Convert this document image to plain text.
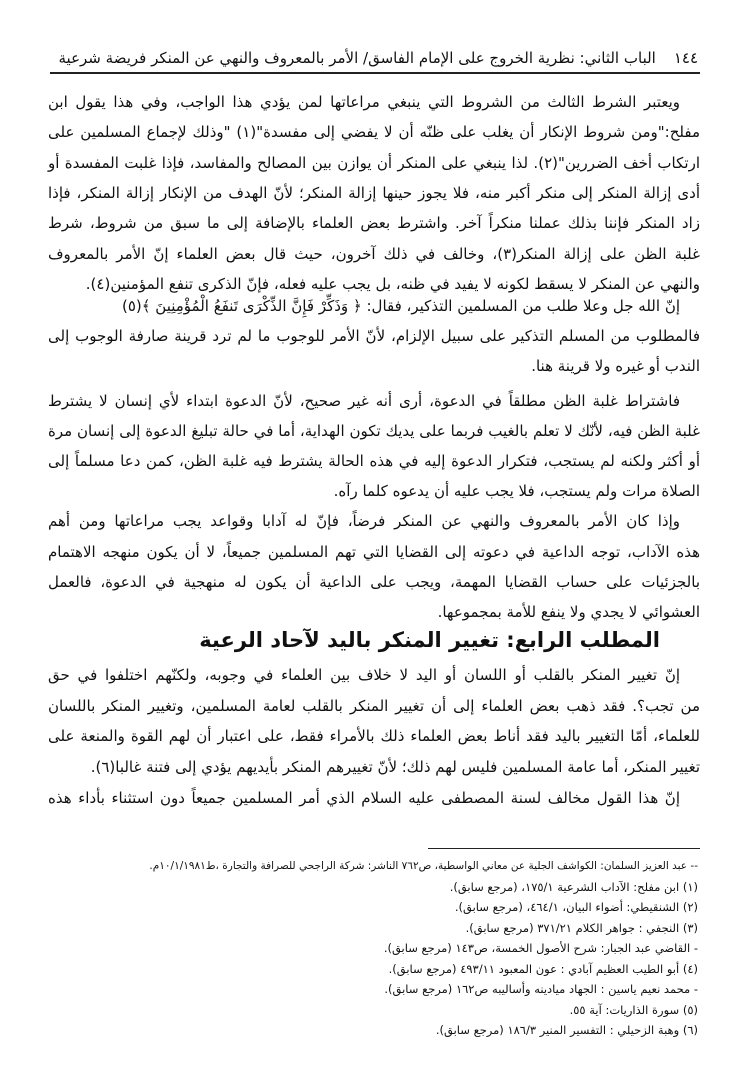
١٤٤
الباب الثاني: نظرية الخروج على الإمام الفاسق/ الأمر بالمعروف والنهي عن المنكر فريضة شرعية
ويعتبر الشرط الثالث من الشروط التي ينبغي مراعاتها لمن يؤدي هذا الواجب، وفي هذا يقول ابن
مفلح:"ومن شروط الإنكار أن يغلب على ظنّه أن لا يفضي إلى مفسدة"(١) "وذلك لإجماع المسلمين على
ارتكاب أخف الضررين"(٢). لذا ينبغي على المنكر أن يوازن بين المصالح والمفاسد، فإذا غلبت المفسدة أو
أدى إزالة المنكر إلى منكر أكبر منه، فلا يجوز حينها إزالة المنكر؛ لأنّ الهدف من الإنكار إزالة المنكر، فإذا
زاد المنكر فإننا بذلك عملنا منكراً آخر. واشترط بعض العلماء بالإضافة إلى ما سبق من شروط، شرط
غلبة الظن على إزالة المنكر(٣)، وخالف في ذلك آخرون، حيث قال بعض العلماء إنّ الأمر بالمعروف
والنهي عن المنكر لا يسقط لكونه لا يفيد في ظنه، بل يجب عليه فعله، فإنّ الذكرى تنفع المؤمنين(٤).
إنّ الله جل وعلا طلب من المسلمين التذكير، فقال: ﴿ وَذَكِّرْ فَإِنَّ الذِّكْرَى تَنفَعُ الْمُؤْمِنِينَ ﴾(٥)
فالمطلوب من المسلم التذكير على سبيل الإلزام، لأنّ الأمر للوجوب ما لم ترد قرينة صارفة الوجوب إلى
الندب أو غيره ولا قرينة هنا.
فاشتراط غلبة الظن مطلقاً في الدعوة، أرى أنه غير صحيح، لأنّ الدعوة ابتداء لأي إنسان لا يشترط
غلبة الظن فيه، لأنّك لا تعلم بالغيب فربما على يديك تكون الهداية، أما في حالة تبليغ الدعوة إلى إنسان مرة
أو أكثر ولكنه لم يستجب، فتكرار الدعوة إليه في هذه الحالة يشترط فيه غلبة الظن، كمن دعا مسلماً إلى
الصلاة مرات ولم يستجب، فلا يجب عليه أن يدعوه كلما رآه.
وإذا كان الأمر بالمعروف والنهي عن المنكر فرضاً، فإنّ له آدابا وقواعد يجب مراعاتها ومن أهم
هذه الآداب، توجه الداعية في دعوته إلى القضايا التي تهم المسلمين جميعاً، لا أن يكون منهجه الاهتمام
بالجزئيات على حساب القضايا المهمة، ويجب على الداعية أن يكون له منهجية في الدعوة، فالعمل
العشوائي لا يجدي ولا ينفع للأمة بمجموعها.
المطلب الرابع: تغيير المنكر باليد لآحاد الرعية
إنّ تغيير المنكر بالقلب أو اللسان أو اليد لا خلاف بين العلماء في وجوبه، ولكنّهم اختلفوا في حق
من تجب؟. فقد ذهب بعض العلماء إلى أن تغيير المنكر بالقلب لعامة المسلمين، وتغيير المنكر باللسان
للعلماء، أمّا التغيير باليد فقد أناط بعض العلماء ذلك بالأمراء فقط، على اعتبار أن لهم القوة والمنعة على
تغيير المنكر، أما عامة المسلمين فليس لهم ذلك؛ لأنّ تغييرهم المنكر بأيديهم يؤدي إلى فتنة غالبا(٦).
إنّ هذا القول مخالف لسنة المصطفى عليه السلام الذي أمر المسلمين جميعاً دون استثناء بأداء هذه
-- عبد العزيز السلمان: الكواشف الجلية عن معاني الواسطية، ص٧٦٢ الناشر: شركة الراجحي للصرافة والتجارة ،ط١٠/١/١٩٨١م.
(١) ابن مفلح: الآداب الشرعية ١٧٥/١، (مرجع سابق).
(٢) الشنقيطي: أضواء البيان، ٤٦٤/١، (مرجع سابق).
(٣) النجفي : جواهر الكلام ٣٧١/٢١ (مرجع سابق).
- القاضي عبد الجبار: شرح الأصول الخمسة، ص١٤٣ (مرجع سابق).
(٤) أبو الطيب العظيم آبادي : عون المعبود ٤٩٣/١١ (مرجع سابق).
- محمد نعيم ياسين : الجهاد ميادينه وأساليبه ص١٦٢ (مرجع سابق).
(٥) سورة الذاريات: آية ٥٥.
(٦) وهبة الزحيلي : التفسير المنير ١٨٦/٣ (مرجع سابق).
